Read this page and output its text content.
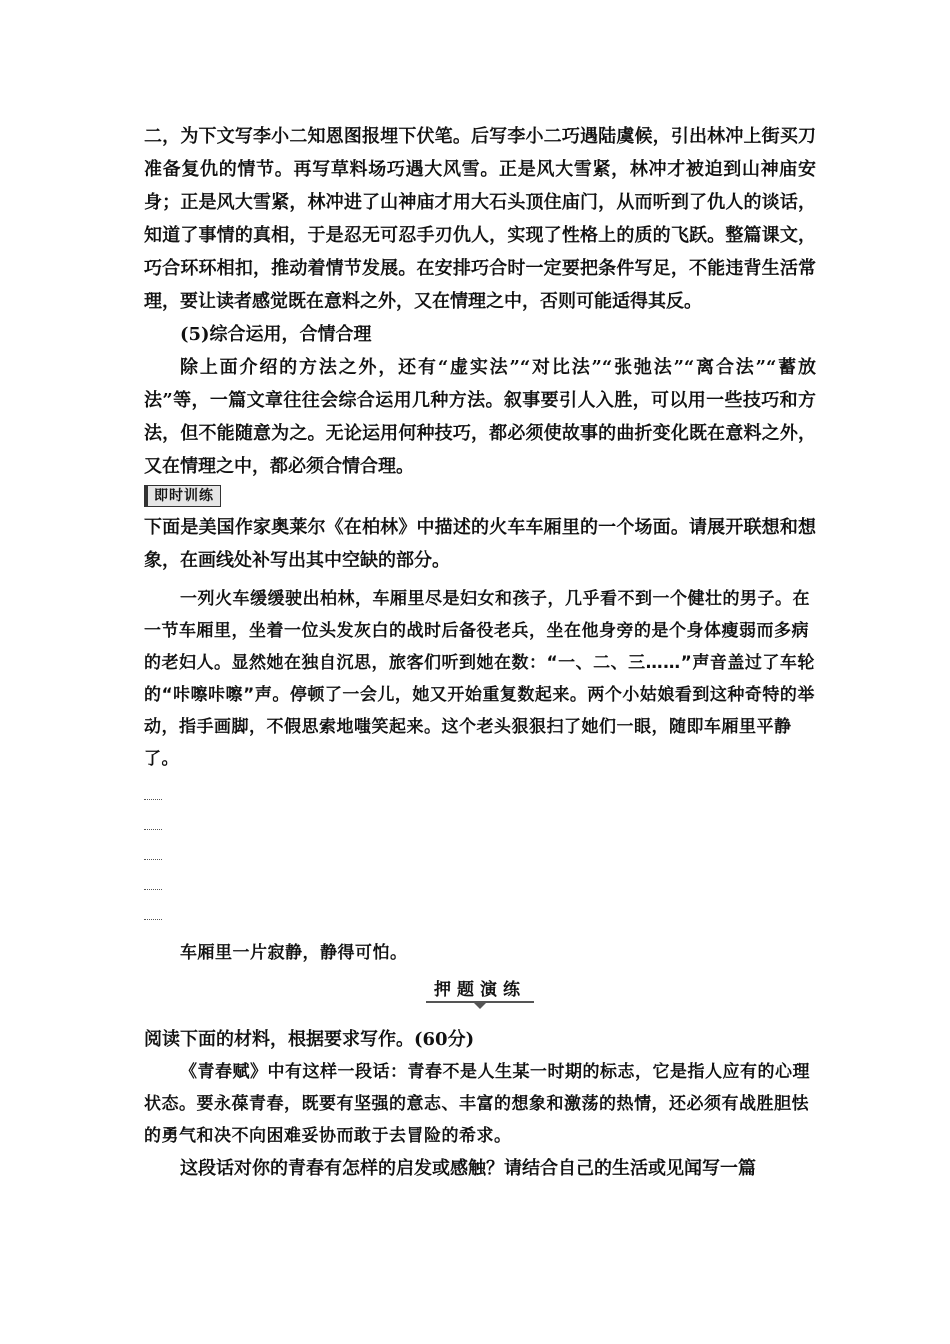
二，为下文写李小二知恩图报埋下伏笔。后写李小二巧遇陆虞候，引出林冲上街买刀准备复仇的情节。再写草料场巧遇大风雪。正是风大雪紧，林冲才被迫到山神庙安身；正是风大雪紧，林冲进了山神庙才用大石头顶住庙门，从而听到了仇人的谈话，知道了事情的真相，于是忍无可忍手刃仇人，实现了性格上的质的飞跃。整篇课文，巧合环环相扣，推动着情节发展。在安排巧合时一定要把条件写足，不能违背生活常理，要让读者感觉既在意料之外，又在情理之中，否则可能适得其反。

(5)综合运用，合情合理

除上面介绍的方法之外，还有“虚实法”“对比法”“张弛法”“离合法”“蓄放法”等，一篇文章往往会综合运用几种方法。叙事要引人入胜，可以用一些技巧和方法，但不能随意为之。无论运用何种技巧，都必须使故事的曲折变化既在意料之外，又在情理之中，都必须合情合理。

即时训练

下面是美国作家奥莱尔《在柏林》中描述的火车车厢里的一个场面。请展开联想和想象，在画线处补写出其中空缺的部分。

一列火车缓缓驶出柏林，车厢里尽是妇女和孩子，几乎看不到一个健壮的男子。在一节车厢里，坐着一位头发灰白的战时后备役老兵，坐在他身旁的是个身体瘦弱而多病的老妇人。显然她在独自沉思，旅客们听到她在数：“一、二、三……”声音盖过了车轮的“咔嚓咔嚓”声。停顿了一会儿，她又开始重复数起来。两个小姑娘看到这种奇特的举动，指手画脚，不假思索地嗤笑起来。这个老头狠狠扫了她们一眼，随即车厢里平静了。

车厢里一片寂静，静得可怕。

押题演练

阅读下面的材料，根据要求写作。(60分)

《青春赋》中有这样一段话：青春不是人生某一时期的标志，它是指人应有的心理状态。要永葆青春，既要有坚强的意志、丰富的想象和激荡的热情，还必须有战胜胆怯的勇气和决不向困难妥协而敢于去冒险的希求。

这段话对你的青春有怎样的启发或感触？请结合自己的生活或见闻写一篇
